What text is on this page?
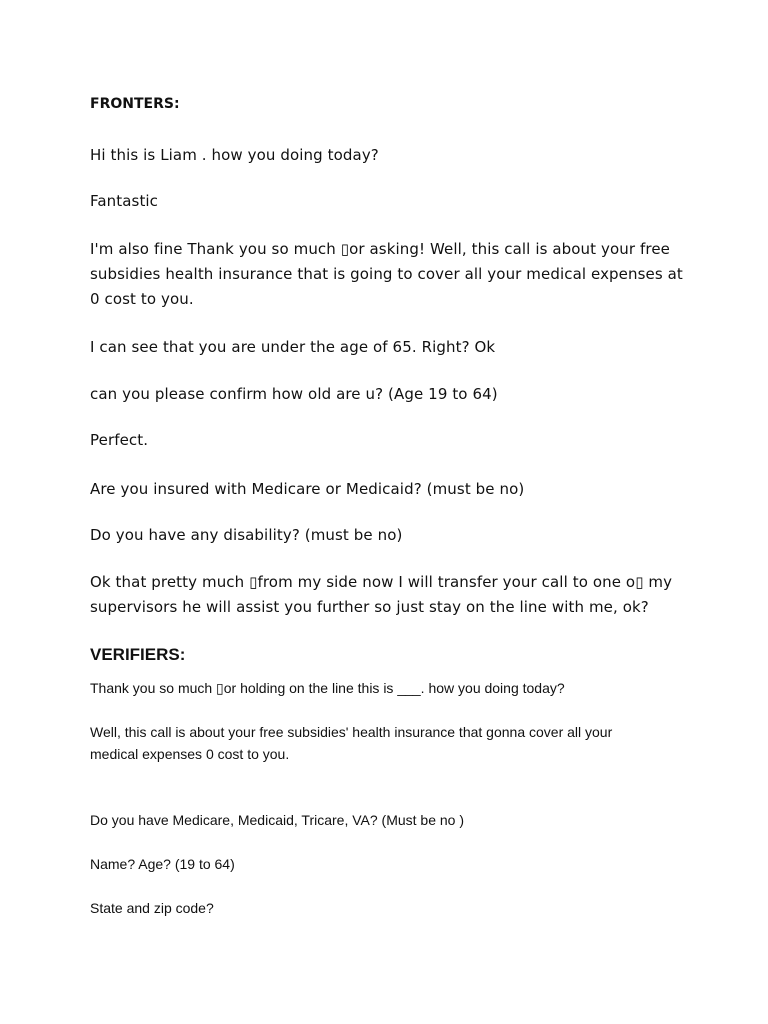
FRONTERS:

Hi this is Liam . how you doing today?

Fantastic

I'm also fine Thank you so much ▯or asking! Well, this call is about your free subsidies health insurance that is going to cover all your medical expenses at 0 cost to you.

I can see that you are under the age of 65. Right? Ok

can you please confirm how old are u? (Age 19 to 64)

Perfect.

Are you insured with Medicare or Medicaid? (must be no)

Do you have any disability? (must be no)

Ok that pretty much ▯from my side now I will transfer your call to one o▯ my supervisors he will assist you further so just stay on the line with me, ok?

VERIFIERS:

Thank you so much ▯or holding on the line this is ___. how you doing today?

Well, this call is about your free subsidies' health insurance that gonna cover all your medical expenses 0 cost to you.

Do you have Medicare, Medicaid, Tricare, VA? (Must be no )

Name? Age? (19 to 64)

State and zip code?
